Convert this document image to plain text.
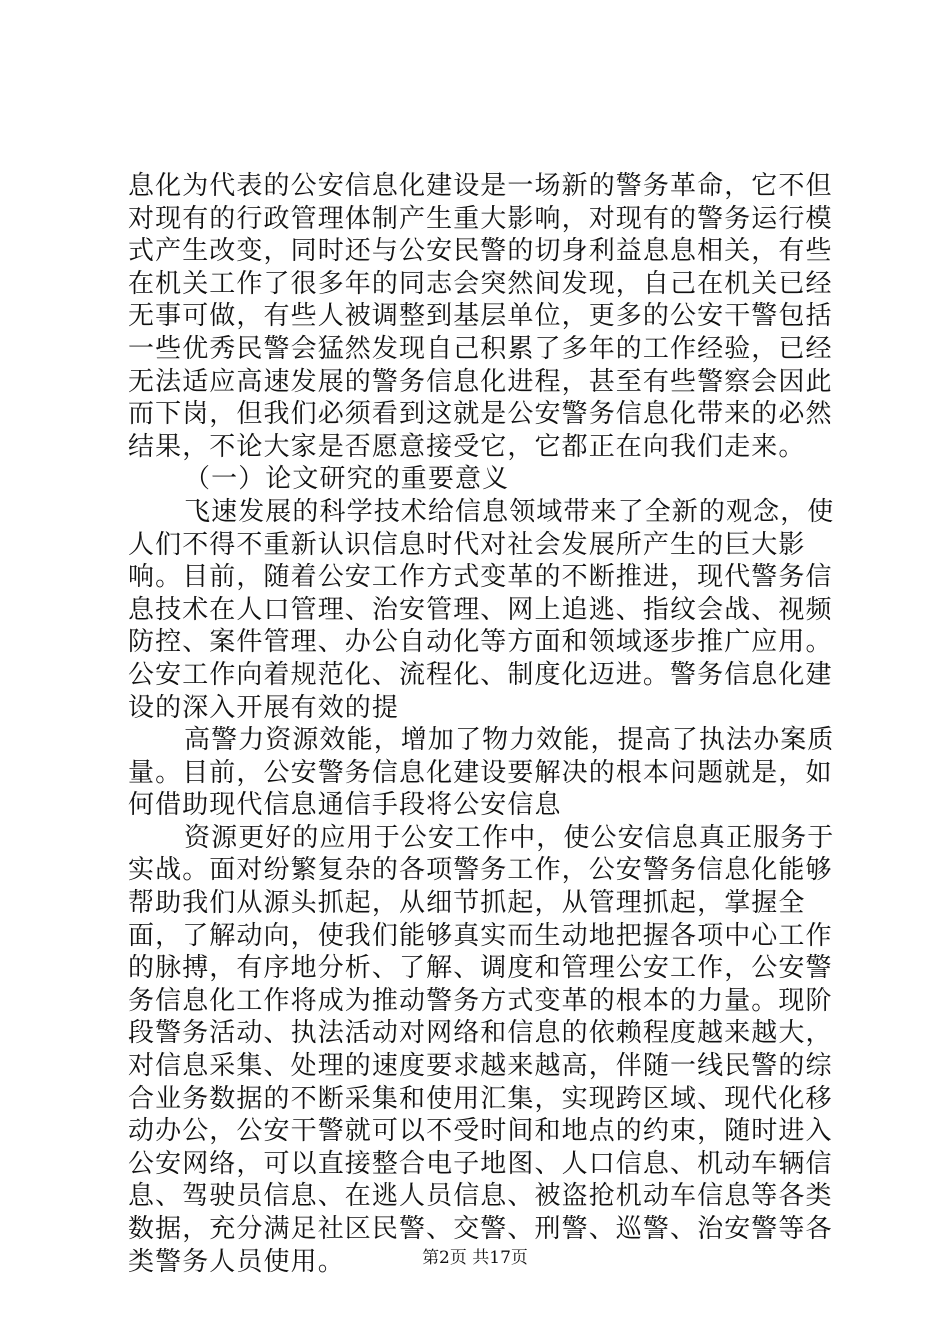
息化为代表的公安信息化建设是一场新的警务革命，它不但对现有的行政管理体制产生重大影响，对现有的警务运行模式产生改变，同时还与公安民警的切身利益息息相关，有些在机关工作了很多年的同志会突然间发现，自己在机关已经无事可做，有些人被调整到基层单位，更多的公安干警包括一些优秀民警会猛然发现自己积累了多年的工作经验，已经无法适应高速发展的警务信息化进程，甚至有些警察会因此而下岗，但我们必须看到这就是公安警务信息化带来的必然结果，不论大家是否愿意接受它，它都正在向我们走来。

（一）论文研究的重要意义

飞速发展的科学技术给信息领域带来了全新的观念，使人们不得不重新认识信息时代对社会发展所产生的巨大影响。目前，随着公安工作方式变革的不断推进，现代警务信息技术在人口管理、治安管理、网上追逃、指纹会战、视频防控、案件管理、办公自动化等方面和领域逐步推广应用。公安工作向着规范化、流程化、制度化迈进。警务信息化建设的深入开展有效的提

高警力资源效能，增加了物力效能，提高了执法办案质量。目前，公安警务信息化建设要解决的根本问题就是，如何借助现代信息通信手段将公安信息

资源更好的应用于公安工作中，使公安信息真正服务于实战。面对纷繁复杂的各项警务工作，公安警务信息化能够帮助我们从源头抓起，从细节抓起，从管理抓起，掌握全面，了解动向，使我们能够真实而生动地把握各项中心工作的脉搏，有序地分析、了解、调度和管理公安工作，公安警务信息化工作将成为推动警务方式变革的根本的力量。现阶段警务活动、执法活动对网络和信息的依赖程度越来越大，对信息采集、处理的速度要求越来越高，伴随一线民警的综合业务数据的不断采集和使用汇集，实现跨区域、现代化移动办公，公安干警就可以不受时间和地点的约束，随时进入公安网络，可以直接整合电子地图、人口信息、机动车辆信息、驾驶员信息、在逃人员信息、被盗抢机动车信息等各类数据，充分满足社区民警、交警、刑警、巡警、治安警等各类警务人员使用。	第2页 共17页
